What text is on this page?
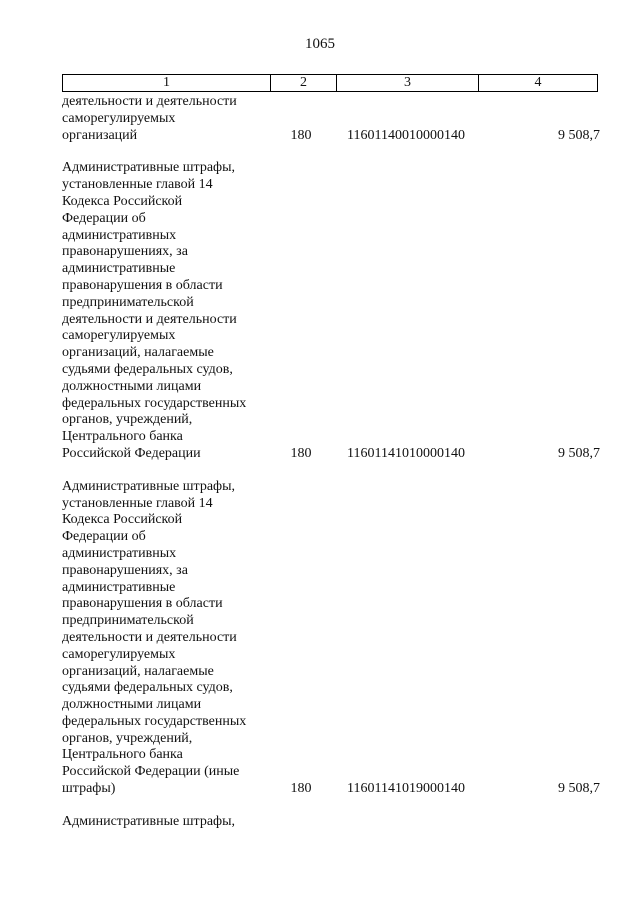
1065
1	2	3	4
деятельности и деятельности
саморегулируемых
организаций	180	11601140010000140	9 508,7
Административные штрафы,
установленные главой 14
Кодекса Российской
Федерации об
административных
правонарушениях, за
административные
правонарушения в области
предпринимательской
деятельности и деятельности
саморегулируемых
организаций, налагаемые
судьями федеральных судов,
должностными лицами
федеральных государственных
органов, учреждений,
Центрального банка
Российской Федерации	180	11601141010000140	9 508,7
Административные штрафы,
установленные главой 14
Кодекса Российской
Федерации об
административных
правонарушениях, за
административные
правонарушения в области
предпринимательской
деятельности и деятельности
саморегулируемых
организаций, налагаемые
судьями федеральных судов,
должностными лицами
федеральных государственных
органов, учреждений,
Центрального банка
Российской Федерации (иные
штрафы)	180	11601141019000140	9 508,7
Административные штрафы,
